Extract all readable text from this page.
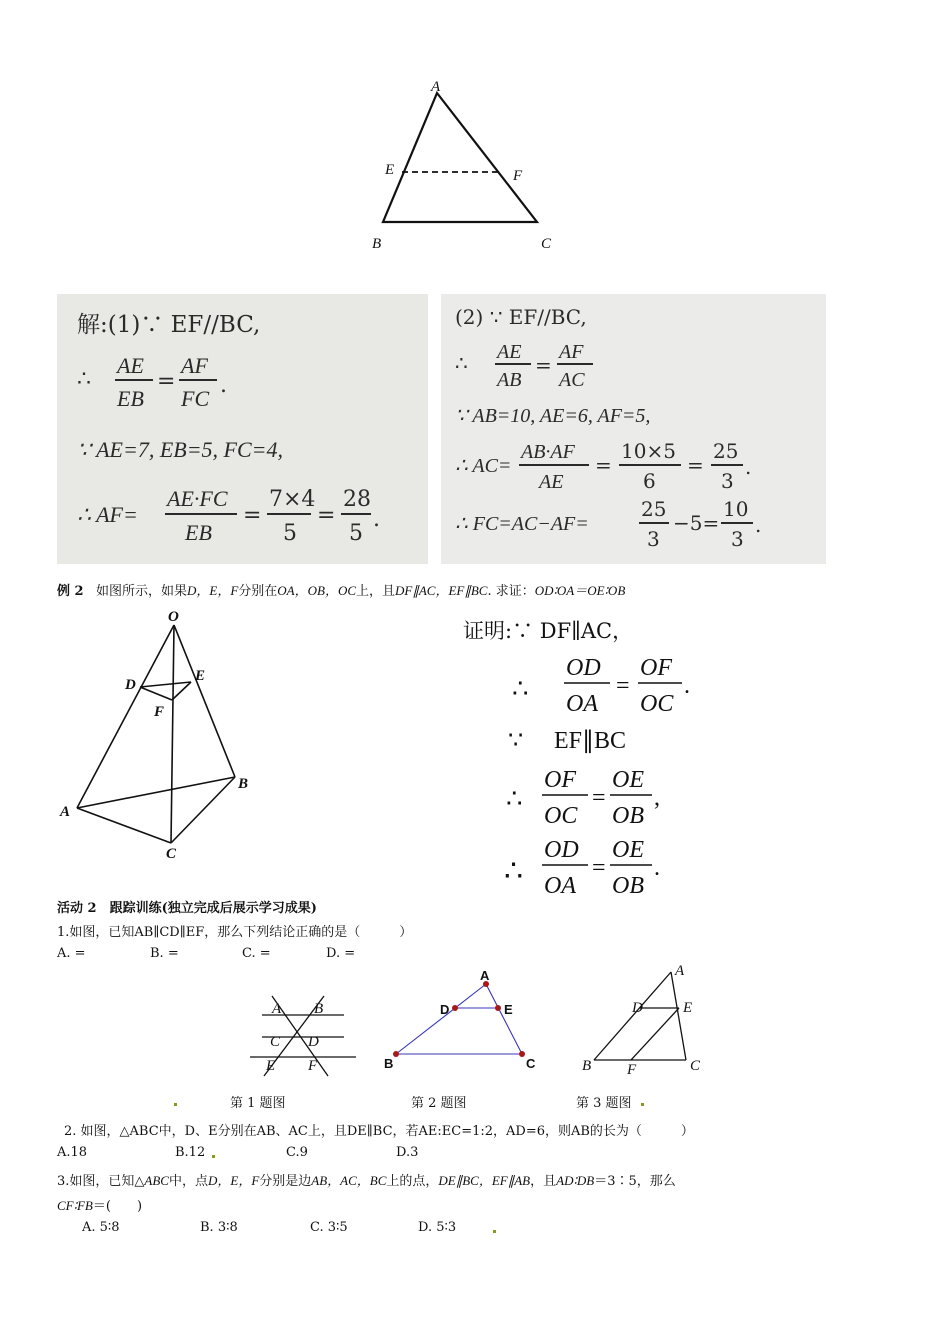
A
B	C
E	F
解:(1)∵ EF//BC,
∴
AE
EB
=
AF
FC
.
∵ AE=7, EB=5, FC=4,
∴ AF=
AE·FC
EB
=
7×4
5
=
28
5
.
(2) ∵ EF//BC,
∴ AE
AB
=
AF
AC
∵ AB=10, AE=6, AF=5,
∴ AC=
AB·AF
AE
=
10×5
6
=
25
3
.
∴ FC=AC−AF=
25
3
−5=
10
3
.
例 2 如图所示，如果D，E，F分别在OA，OB，OC上，且DF∥AC，EF∥BC. 求证：OD∶OA＝OE∶OB
O
D
E
F
A
B
C
证明:∵ DF∥AC，
∴
OD
OA
=
OF
OC
.
∵ EF∥BC
∴
OF
OC
=
OE
OB
,
∴
OD
OA
=
OE
OB
.
活动 2　跟踪训练(独立完成后展示学习成果)
1.如图，已知AB∥CD∥EF，那么下列结论正确的是（　　　）
A. =	B. =	C. =	D. =
A B
C D
E F
A
D	E
B	C
A
D	E
B F	C
第 1 题图	第 2 题图	第 3 题图
2. 如图，△ABC中，D、E分别在AB、AC上，且DE∥BC，若AE:EC=1:2，AD=6，则AB的长为（　　　）
A.18	B.12	C.9	D.3
3.如图，已知△ABC中，点D，E，F分别是边AB，AC，BC上的点，DE∥BC，EF∥AB，且AD∶DB＝3∶5，那么
CF∶FB＝(　　)
A. 5∶8	B. 3∶8	C. 3∶5	D. 5∶3
